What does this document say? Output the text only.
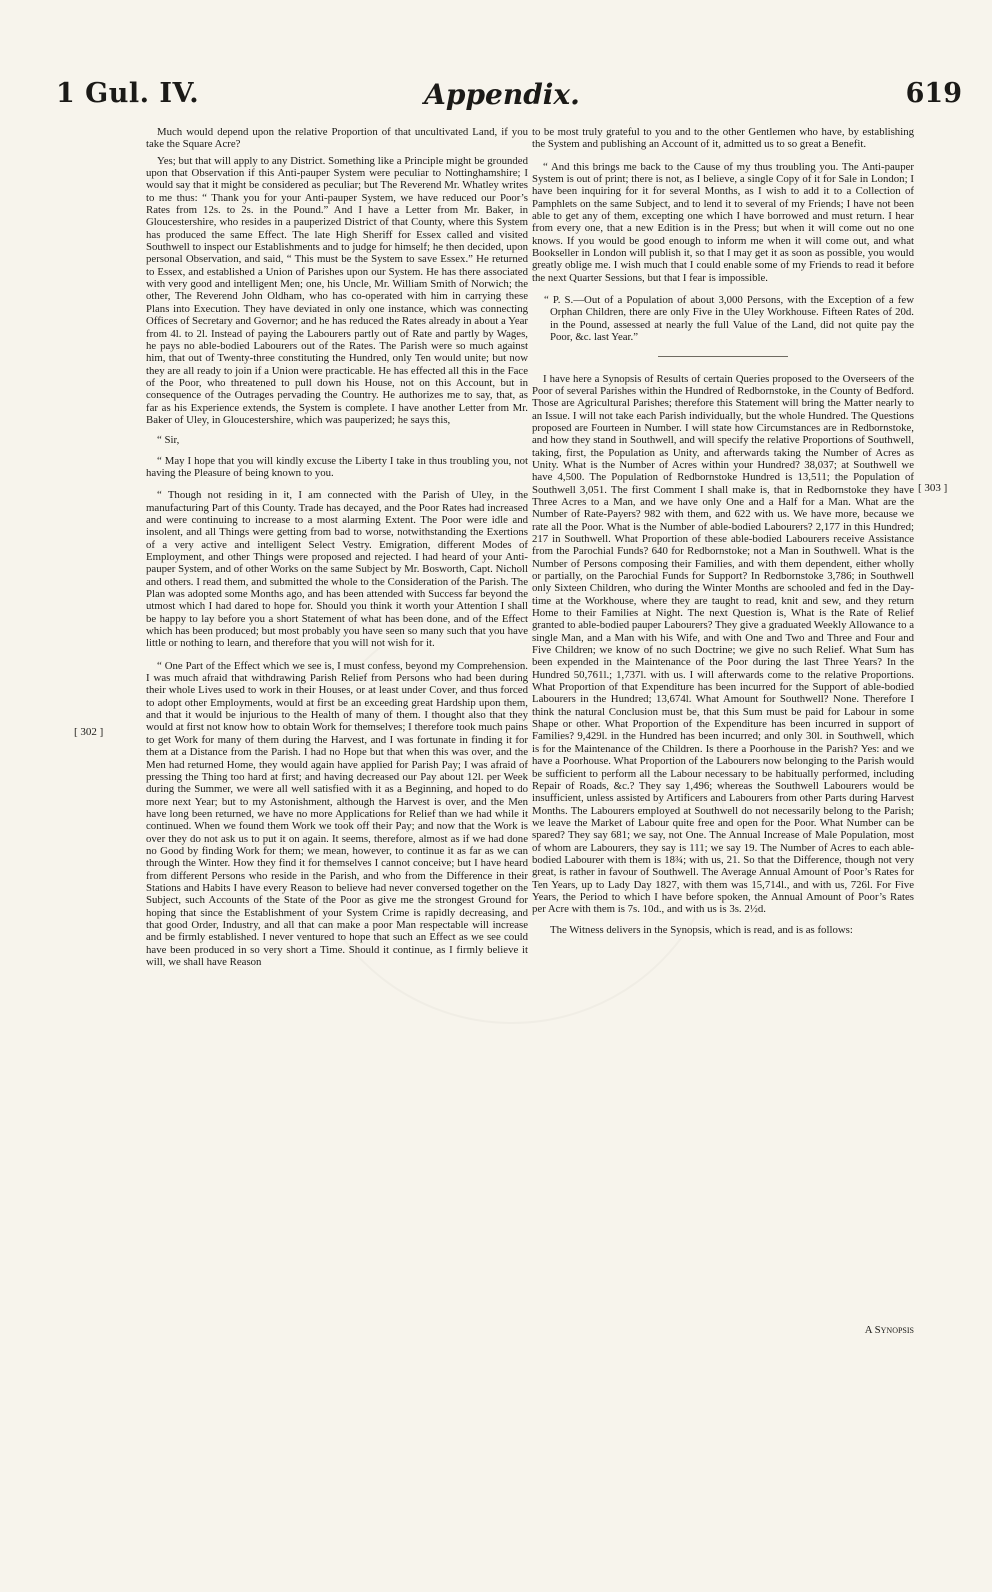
1 Gul. IV.	Appendix.	619
[ 302 ]
[ 303 ]

Much would depend upon the relative Proportion of that uncultivated Land, if you take the Square Acre?

Yes; but that will apply to any District. Something like a Principle might be grounded upon that Observation if this Anti-pauper System were peculiar to Nottinghamshire; I would say that it might be considered as peculiar; but The Reverend Mr. Whatley writes to me thus: “ Thank you for your Anti-pauper System, we have reduced our Poor’s Rates from 12s. to 2s. in the Pound.” And I have a Letter from Mr. Baker, in Gloucestershire, who resides in a pauperized District of that County, where this System has produced the same Effect. The late High Sheriff for Essex called and visited Southwell to inspect our Establishments and to judge for himself; he then decided, upon personal Observation, and said, “ This must be the System to save Essex.” He returned to Essex, and established a Union of Parishes upon our System. He has there associated with very good and intelligent Men; one, his Uncle, Mr. William Smith of Norwich; the other, The Reverend John Oldham, who has co-operated with him in carrying these Plans into Execution. They have deviated in only one instance, which was connecting Offices of Secretary and Governor; and he has reduced the Rates already in about a Year from 4l. to 2l. Instead of paying the Labourers partly out of Rate and partly by Wages, he pays no able-bodied Labourers out of the Rates. The Parish were so much against him, that out of Twenty-three constituting the Hundred, only Ten would unite; but now they are all ready to join if a Union were practicable. He has effected all this in the Face of the Poor, who threatened to pull down his House, not on this Account, but in consequence of the Outrages pervading the Country. He authorizes me to say, that, as far as his Experience extends, the System is complete. I have another Letter from Mr. Baker of Uley, in Gloucestershire, which was pauperized; he says this,

“ Sir,

“ May I hope that you will kindly excuse the Liberty I take in thus troubling you, not having the Pleasure of being known to you.

“ Though not residing in it, I am connected with the Parish of Uley, in the manufacturing Part of this County. Trade has decayed, and the Poor Rates had increased and were continuing to increase to a most alarming Extent. The Poor were idle and insolent, and all Things were getting from bad to worse, notwithstanding the Exertions of a very active and intelligent Select Vestry. Emigration, different Modes of Employment, and other Things were proposed and rejected. I had heard of your Anti-pauper System, and of other Works on the same Subject by Mr. Bosworth, Capt. Nicholl and others. I read them, and submitted the whole to the Consideration of the Parish. The Plan was adopted some Months ago, and has been attended with Success far beyond the utmost which I had dared to hope for. Should you think it worth your Attention I shall be happy to lay before you a short Statement of what has been done, and of the Effect which has been produced; but most probably you have seen so many such that you have little or nothing to learn, and therefore that you will not wish for it.

“ One Part of the Effect which we see is, I must confess, beyond my Comprehension. I was much afraid that withdrawing Parish Relief from Persons who had been during their whole Lives used to work in their Houses, or at least under Cover, and thus forced to adopt other Employments, would at first be an exceeding great Hardship upon them, and that it would be injurious to the Health of many of them. I thought also that they would at first not know how to obtain Work for themselves; I therefore took much pains to get Work for many of them during the Harvest, and I was fortunate in finding it for them at a Distance from the Parish. I had no Hope but that when this was over, and the Men had returned Home, they would again have applied for Parish Pay; I was afraid of pressing the Thing too hard at first; and having decreased our Pay about 12l. per Week during the Summer, we were all well satisfied with it as a Beginning, and hoped to do more next Year; but to my Astonishment, although the Harvest is over, and the Men have long been returned, we have no more Applications for Relief than we had while it continued. When we found them Work we took off their Pay; and now that the Work is over they do not ask us to put it on again. It seems, therefore, almost as if we had done no Good by finding Work for them; we mean, however, to continue it as far as we can through the Winter. How they find it for themselves I cannot conceive; but I have heard from different Persons who reside in the Parish, and who from the Difference in their Stations and Habits I have every Reason to believe had never conversed together on the Subject, such Accounts of the State of the Poor as give me the strongest Ground for hoping that since the Establishment of your System Crime is rapidly decreasing, and that good Order, Industry, and all that can make a poor Man respectable will increase and be firmly established. I never ventured to hope that such an Effect as we see could have been produced in so very short a Time. Should it continue, as I firmly believe it will, we shall have Reason

to be most truly grateful to you and to the other Gentlemen who have, by establishing the System and publishing an Account of it, admitted us to so great a Benefit.

“ And this brings me back to the Cause of my thus troubling you. The Anti-pauper System is out of print; there is not, as I believe, a single Copy of it for Sale in London; I have been inquiring for it for several Months, as I wish to add it to a Collection of Pamphlets on the same Subject, and to lend it to several of my Friends; I have not been able to get any of them, excepting one which I have borrowed and must return. I hear from every one, that a new Edition is in the Press; but when it will come out no one knows. If you would be good enough to inform me when it will come out, and what Bookseller in London will publish it, so that I may get it as soon as possible, you would greatly oblige me. I wish much that I could enable some of my Friends to read it before the next Quarter Sessions, but that I fear is impossible.

“ P. S.—Out of a Population of about 3,000 Persons, with the Exception of a few Orphan Children, there are only Five in the Uley Workhouse. Fifteen Rates of 20d. in the Pound, assessed at nearly the full Value of the Land, did not quite pay the Poor, &c. last Year.”

I have here a Synopsis of Results of certain Queries proposed to the Overseers of the Poor of several Parishes within the Hundred of Redbornstoke, in the County of Bedford. Those are Agricultural Parishes; therefore this Statement will bring the Matter nearly to an Issue. I will not take each Parish individually, but the whole Hundred. The Questions proposed are Fourteen in Number. I will state how Circumstances are in Redbornstoke, and how they stand in Southwell, and will specify the relative Proportions of Southwell, taking, first, the Population as Unity, and afterwards taking the Number of Acres as Unity. What is the Number of Acres within your Hundred? 38,037; at Southwell we have 4,500. The Population of Redbornstoke Hundred is 13,511; the Population of Southwell 3,051. The first Comment I shall make is, that in Redbornstoke they have Three Acres to a Man, and we have only One and a Half for a Man. What are the Number of Rate-Payers? 982 with them, and 622 with us. We have more, because we rate all the Poor. What is the Number of able-bodied Labourers? 2,177 in this Hundred; 217 in Southwell. What Proportion of these able-bodied Labourers receive Assistance from the Parochial Funds? 640 for Redbornstoke; not a Man in Southwell. What is the Number of Persons composing their Families, and with them dependent, either wholly or partially, on the Parochial Funds for Support? In Redbornstoke 3,786; in Southwell only Sixteen Children, who during the Winter Months are schooled and fed in the Day-time at the Workhouse, where they are taught to read, knit and sew, and they return Home to their Families at Night. The next Question is, What is the Rate of Relief granted to able-bodied pauper Labourers? They give a graduated Weekly Allowance to a single Man, and a Man with his Wife, and with One and Two and Three and Four and Five Children; we know of no such Doctrine; we give no such Relief. What Sum has been expended in the Maintenance of the Poor during the last Three Years? In the Hundred 50,761l.; 1,737l. with us. I will afterwards come to the relative Proportions. What Proportion of that Expenditure has been incurred for the Support of able-bodied Labourers in the Hundred; 13,674l. What Amount for Southwell? None. Therefore I think the natural Conclusion must be, that this Sum must be paid for Labour in some Shape or other. What Proportion of the Expenditure has been incurred in support of Families? 9,429l. in the Hundred has been incurred; and only 30l. in Southwell, which is for the Maintenance of the Children. Is there a Poorhouse in the Parish? Yes: and we have a Poorhouse. What Proportion of the Labourers now belonging to the Parish would be sufficient to perform all the Labour necessary to be habitually performed, including Repair of Roads, &c.? They say 1,496; whereas the Southwell Labourers would be insufficient, unless assisted by Artificers and Labourers from other Parts during Harvest Months. The Labourers employed at Southwell do not necessarily belong to the Parish; we leave the Market of Labour quite free and open for the Poor. What Number can be spared? They say 681; we say, not One. The Annual Increase of Male Population, most of whom are Labourers, they say is 111; we say 19. The Number of Acres to each able-bodied Labourer with them is 18¾; with us, 21. So that the Difference, though not very great, is rather in favour of Southwell. The Average Annual Amount of Poor’s Rates for Ten Years, up to Lady Day 1827, with them was 15,714l., and with us, 726l. For Five Years, the Period to which I have before spoken, the Annual Amount of Poor’s Rates per Acre with them is 7s. 10d., and with us is 3s. 2½d.

The Witness delivers in the Synopsis, which is read, and is as follows:

A Synopsis
